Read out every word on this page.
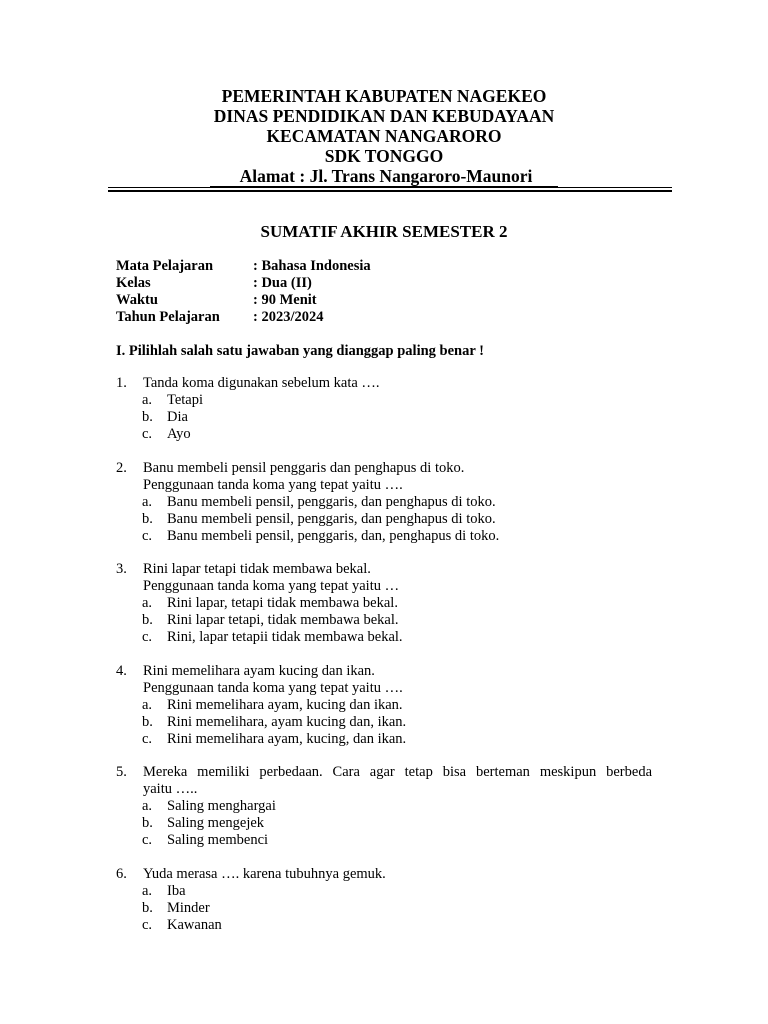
PEMERINTAH KABUPATEN NAGEKEO
DINAS PENDIDIKAN DAN KEBUDAYAAN
KECAMATAN NANGARORO
SDK TONGGO
Alamat : Jl. Trans Nangaroro-Maunori
SUMATIF AKHIR SEMESTER 2
Mata Pelajaran	: Bahasa Indonesia
Kelas	: Dua (II)
Waktu	: 90 Menit
Tahun Pelajaran	: 2023/2024
I. Pilihlah salah satu jawaban yang dianggap paling benar !
1.	Tanda koma digunakan sebelum kata ….
a.	Tetapi
b. Dia
c.	Ayo
2.	Banu membeli pensil penggaris dan penghapus di toko.
Penggunaan tanda koma yang tepat yaitu ….
a.	Banu membeli pensil, penggaris, dan penghapus di toko.
b. Banu membeli pensil, penggaris, dan penghapus di toko.
c.	Banu membeli pensil, penggaris, dan, penghapus di toko.
3.	Rini lapar tetapi tidak membawa bekal.
Penggunaan tanda koma yang tepat yaitu …
a.	Rini lapar, tetapi tidak membawa bekal.
b. Rini lapar tetapi, tidak membawa bekal.
c.	Rini, lapar tetapii tidak membawa bekal.
4.	Rini memelihara ayam kucing dan ikan.
Penggunaan tanda koma yang tepat yaitu ….
a.	Rini memelihara ayam, kucing dan ikan.
b. Rini memelihara, ayam kucing dan, ikan.
c.	Rini memelihara ayam, kucing, dan ikan.
5.	Mereka memiliki perbedaan. Cara agar tetap bisa berteman meskipun berbeda
yaitu …..
a.	Saling menghargai
b. Saling mengejek
c.	Saling membenci
6.	Yuda merasa …. karena tubuhnya gemuk.
a.	Iba
b. Minder
c.	Kawanan
